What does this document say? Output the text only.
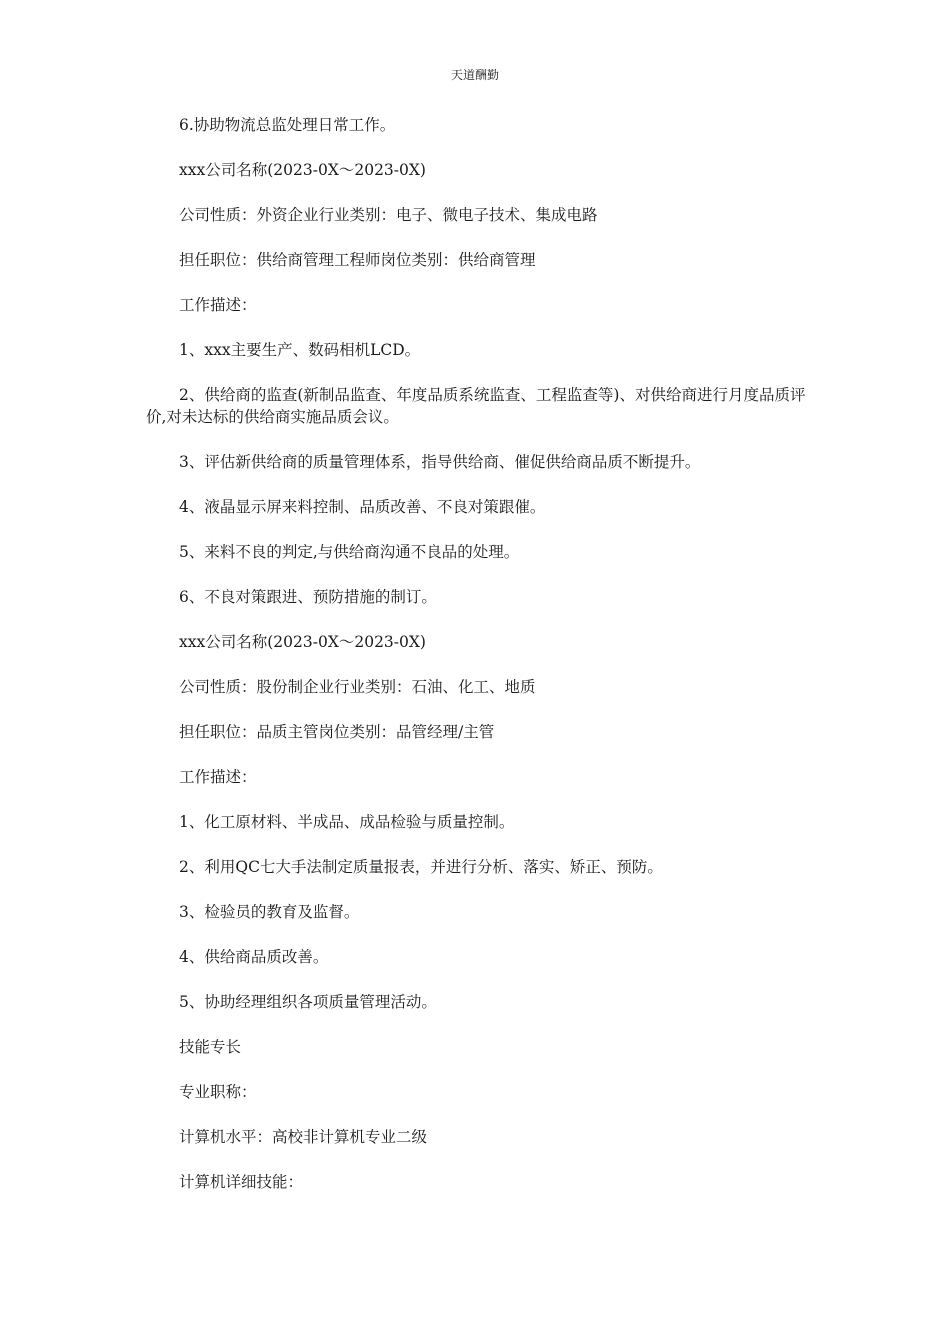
天道酬勤

6.协助物流总监处理日常工作。

xxx公司名称(2023-0X～2023-0X)

公司性质：外资企业行业类别：电子、微电子技术、集成电路

担任职位：供给商管理工程师岗位类别：供给商管理

工作描述：

1、xxx主要生产、数码相机LCD。

2、供给商的监查(新制品监查、年度品质系统监查、工程监查等)、对供给商进行月度品质评价,对未达标的供给商实施品质会议。

3、评估新供给商的质量管理体系，指导供给商、催促供给商品质不断提升。

4、液晶显示屏来料控制、品质改善、不良对策跟催。

5、来料不良的判定,与供给商沟通不良品的处理。

6、不良对策跟进、预防措施的制订。

xxx公司名称(2023-0X～2023-0X)

公司性质：股份制企业行业类别：石油、化工、地质

担任职位：品质主管岗位类别：品管经理/主管

工作描述：

1、化工原材料、半成品、成品检验与质量控制。

2、利用QC七大手法制定质量报表，并进行分析、落实、矫正、预防。

3、检验员的教育及监督。

4、供给商品质改善。

5、协助经理组织各项质量管理活动。

技能专长

专业职称：

计算机水平：高校非计算机专业二级

计算机详细技能：
